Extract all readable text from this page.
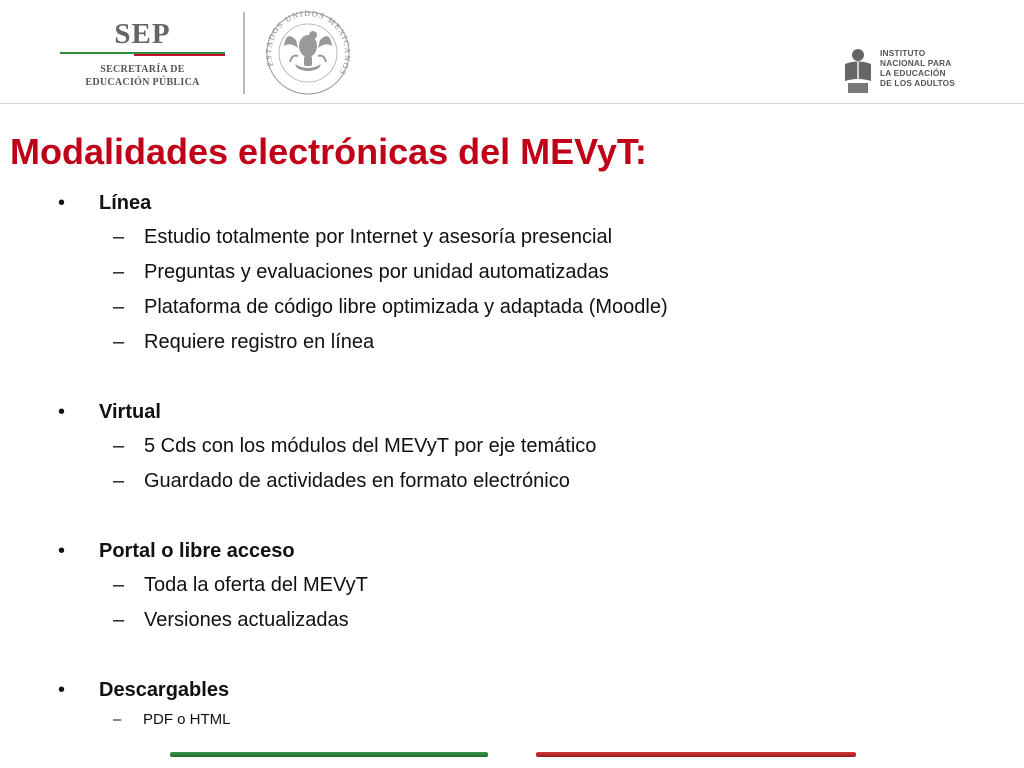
SEP
SECRETARÍA DE
EDUCACIÓN PÚBLICA
ESTADOS UNIDOS MEXICANOS
INSTITUTO
NACIONAL PARA
LA EDUCACIÓN
DE LOS ADULTOS
Modalidades electrónicas del MEVyT:
• Línea
– Estudio totalmente por Internet y asesoría presencial
– Preguntas y evaluaciones por unidad automatizadas
– Plataforma de código libre optimizada y adaptada (Moodle)
– Requiere registro en línea
• Virtual
– 5 Cds con los módulos del MEVyT por eje temático
– Guardado de actividades en formato electrónico
• Portal o libre acceso
– Toda la oferta del MEVyT
– Versiones actualizadas
• Descargables
– PDF o HTML
